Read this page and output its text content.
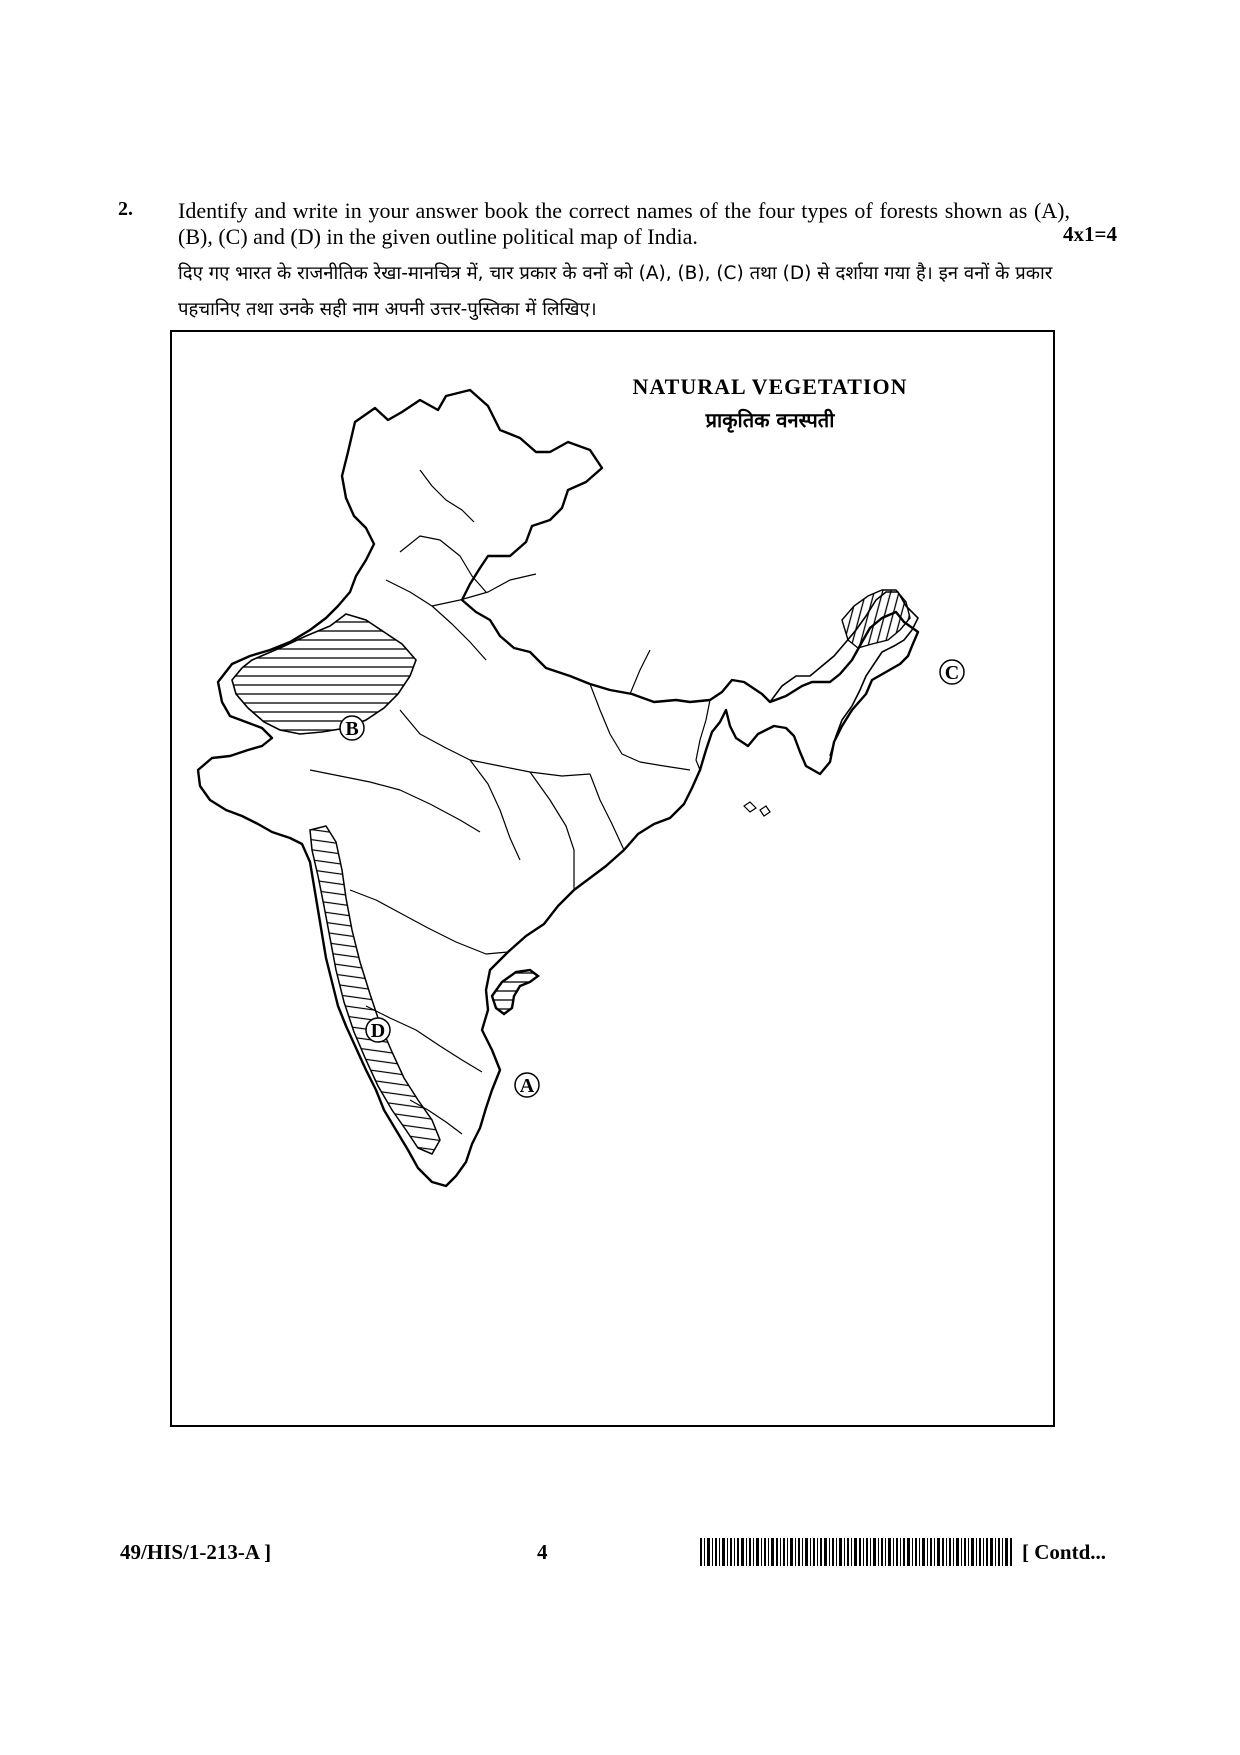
2. Identify and write in your answer book the correct names of the four types of forests shown as (A), (B), (C) and (D) in the given outline political map of India.	4x1=4
दिए गए भारत के राजनीतिक रेखा-मानचित्र में, चार प्रकार के वनों को (A), (B), (C) तथा (D) से दर्शाया गया है। इन वनों के प्रकार पहचानिए तथा उनके सही नाम अपनी उत्तर-पुस्तिका में लिखिए।
NATURAL VEGETATION
प्राकृतिक वनस्पती
A
B
C
D
49/HIS/1-213-A ]	4	[ Contd...
